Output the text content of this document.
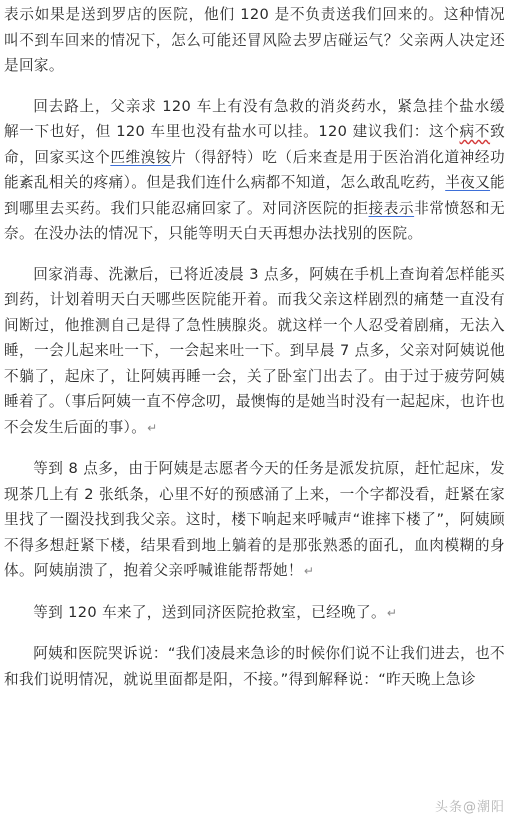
表示如果是送到罗店的医院，他们 120 是不负责送我们回来的。这种情况叫不到车回来的情况下，怎么可能还冒风险去罗店碰运气？父亲两人决定还是回家。

回去路上，父亲求 120 车上有没有急救的消炎药水，紧急挂个盐水缓解一下也好，但 120 车里也没有盐水可以挂。120 建议我们：这个病不致命，回家买这个匹维溴铵片（得舒特）吃（后来查是用于医治消化道神经功能紊乱相关的疼痛）。但是我们连什么病都不知道，怎么敢乱吃药，半夜又能到哪里去买药。我们只能忍痛回家了。对同济医院的拒接表示非常愤怒和无奈。在没办法的情况下，只能等明天白天再想办法找别的医院。

回家消毒、洗漱后，已将近凌晨 3 点多，阿姨在手机上查询着怎样能买到药，计划着明天白天哪些医院能开着。而我父亲这样剧烈的痛楚一直没有间断过，他推测自己是得了急性胰腺炎。就这样一个人忍受着剧痛，无法入睡，一会儿起来吐一下，一会起来吐一下。到早晨 7 点多，父亲对阿姨说他不躺了，起床了，让阿姨再睡一会，关了卧室门出去了。由于过于疲劳阿姨睡着了。（事后阿姨一直不停念叨，最懊悔的是她当时没有一起起床，也许也不会发生后面的事）。↵

等到 8 点多，由于阿姨是志愿者今天的任务是派发抗原，赶忙起床，发现茶几上有 2 张纸条，心里不好的预感涌了上来，一个字都没看，赶紧在家里找了一圈没找到我父亲。这时，楼下响起来呼喊声“谁摔下楼了”，阿姨顾不得多想赶紧下楼，结果看到地上躺着的是那张熟悉的面孔，血肉模糊的身体。阿姨崩溃了，抱着父亲呼喊谁能帮帮她！↵

等到 120 车来了，送到同济医院抢救室，已经晚了。↵

阿姨和医院哭诉说：“我们凌晨来急诊的时候你们说不让我们进去，也不和我们说明情况，就说里面都是阳，不接。”得到解释说：“昨天晚上急诊

头条@潮阳
